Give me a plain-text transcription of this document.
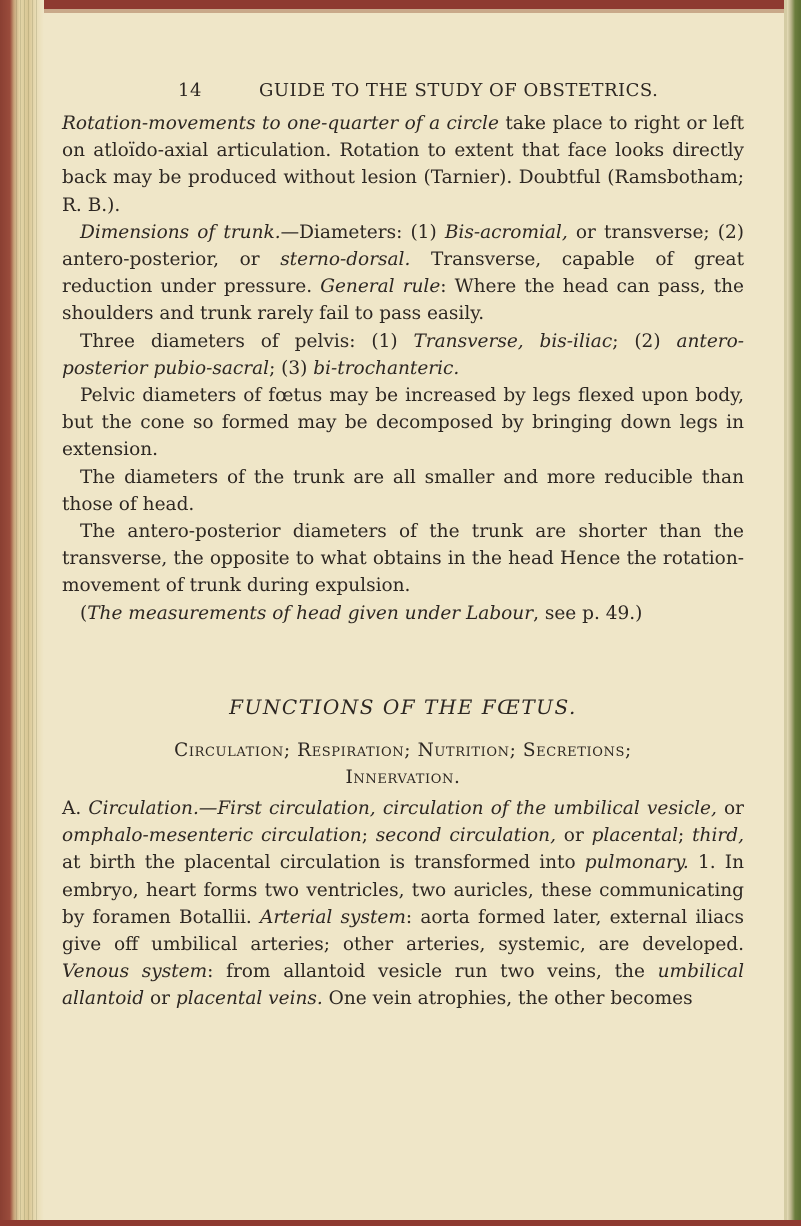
14	GUIDE TO THE STUDY OF OBSTETRICS.

Rotation-movements to one-quarter of a circle take place to right or left on atloïdo-axial articulation. Rotation to extent that face looks directly back may be produced without lesion (Tarnier). Doubtful (Ramsbotham; R. B.).

Dimensions of trunk.—Diameters: (1) Bis-acromial, or transverse; (2) antero-posterior, or sterno-dorsal. Transverse, capable of great reduction under pressure. General rule: Where the head can pass, the shoulders and trunk rarely fail to pass easily.

Three diameters of pelvis: (1) Transverse, bis-iliac; (2) antero-posterior pubio-sacral; (3) bi-trochanteric.

Pelvic diameters of fœtus may be increased by legs flexed upon body, but the cone so formed may be decomposed by bringing down legs in extension.

The diameters of the trunk are all smaller and more reducible than those of head.

The antero-posterior diameters of the trunk are shorter than the transverse, the opposite to what obtains in the head Hence the rotation-movement of trunk during expulsion.

(The measurements of head given under Labour, see p. 49.)

FUNCTIONS OF THE FŒTUS.
Circulation; Respiration; Nutrition; Secretions;
Innervation.

A. Circulation.—First circulation, circulation of the umbilical vesicle, or omphalo-mesenteric circulation; second circulation, or placental; third, at birth the placental circulation is transformed into pulmonary. 1. In embryo, heart forms two ventricles, two auricles, these communicating by foramen Botallii. Arterial system: aorta formed later, external iliacs give off umbilical arteries; other arteries, systemic, are developed. Venous system: from allantoid vesicle run two veins, the umbilical allantoid or placental veins. One vein atrophies, the other becomes
